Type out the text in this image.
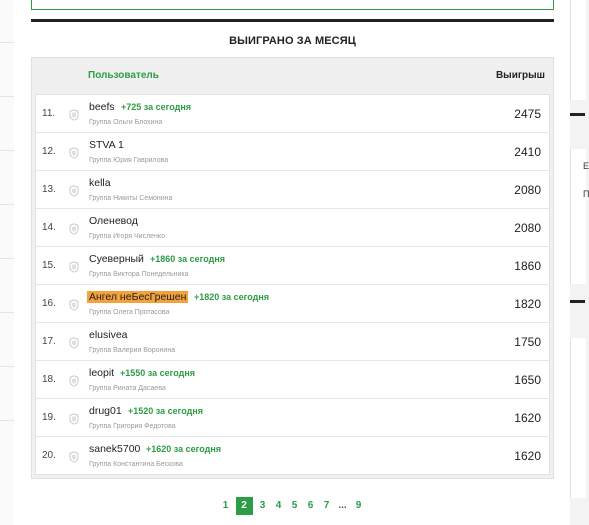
ВЫИГРАНО ЗА МЕСЯЦ
Пользователь	Выигрыш
11.
beefs +725 за сегодня
Группа Ольги Блохина
2475
12.
STVA 1
Группа Юрия Гаврилова
2410
13.
kella
Группа Никиты Семонина
2080
14.
Оленевод
Группа Игоря Численко
2080
15.
Суеверный +1860 за сегодня
Группа Виктора Понедельника
1860
16.
Ангел неБесГрешен +1820 за сегодня
Группа Олега Протасова
1820
17.
elusivea
Группа Валерия Воронина
1750
18.
leopit +1550 за сегодня
Группа Рината Дасаева
1650
19.
drug01 +1520 за сегодня
Группа Григория Федотова
1620
20.
sanek5700 +1620 за сегодня
Группа Константина Бескова
1620
1 2 3 4 5 6 7 ... 9
Е
П
